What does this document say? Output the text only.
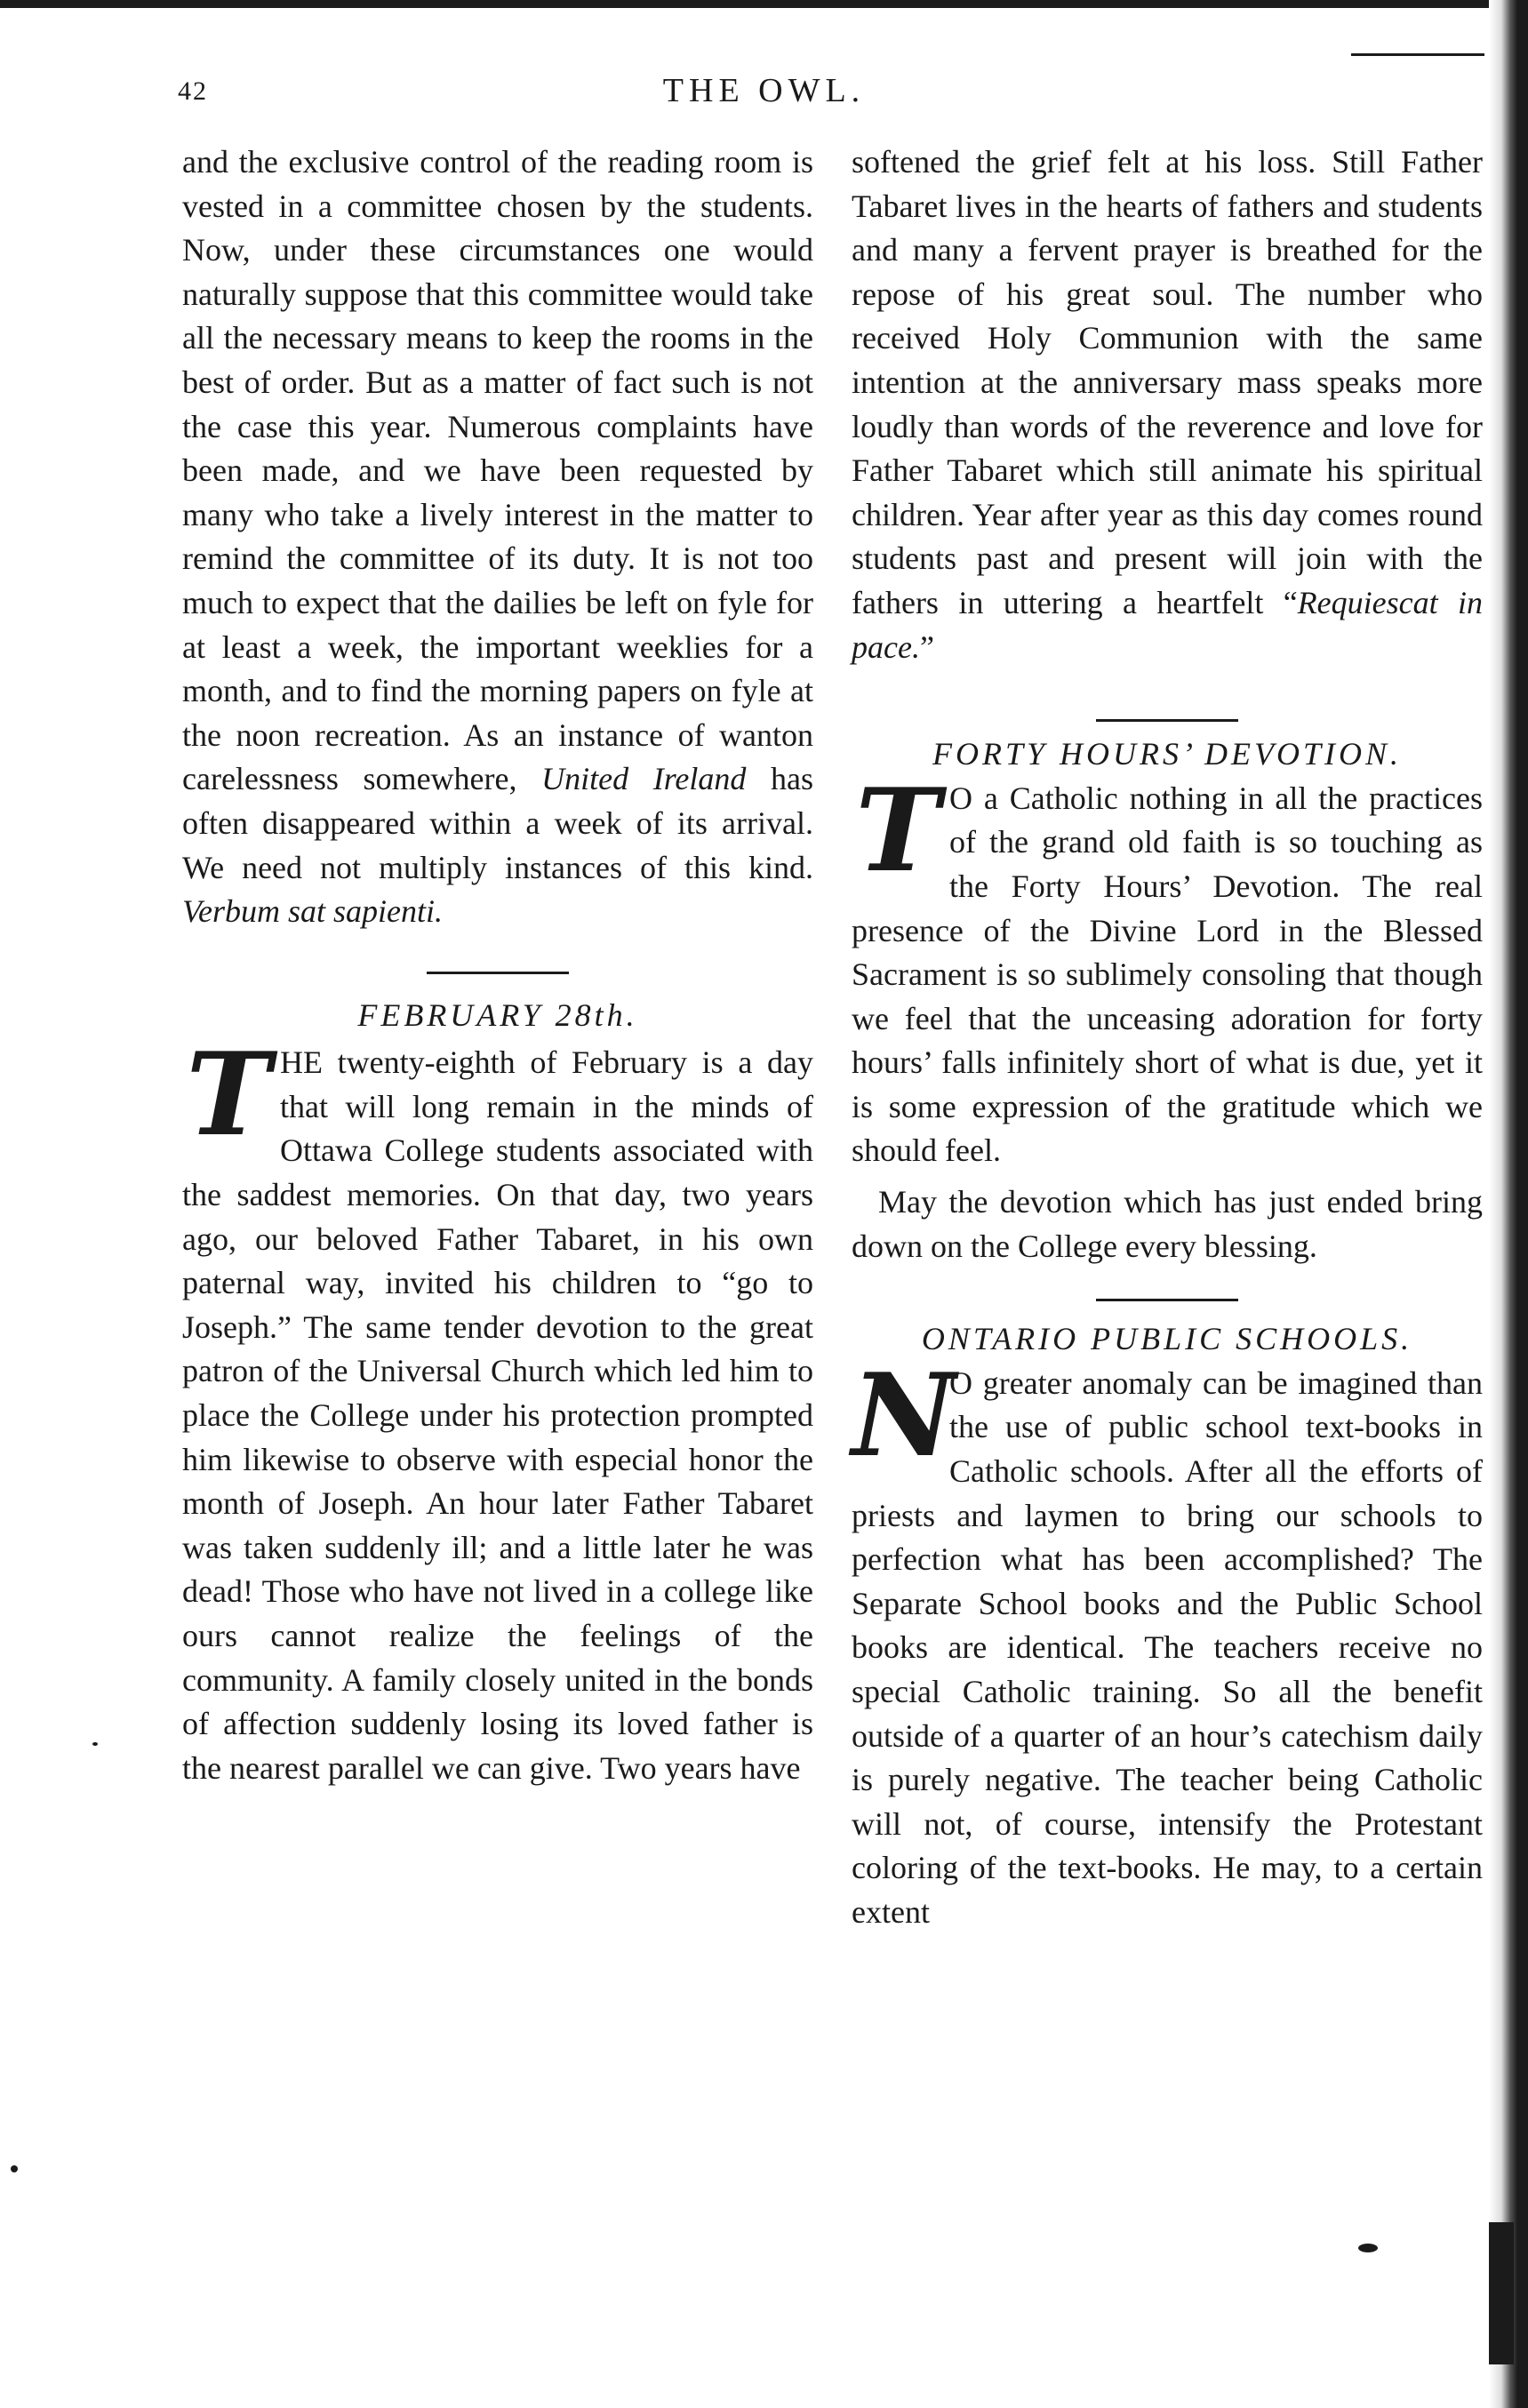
42	THE OWL.

and the exclusive control of the reading room is vested in a committee chosen by the students. Now, under these circumstances one would naturally suppose that this committee would take all the necessary means to keep the rooms in the best of order. But as a matter of fact such is not the case this year. Numerous complaints have been made, and we have been requested by many who take a lively interest in the matter to remind the committee of its duty. It is not too much to expect that the dailies be left on fyle for at least a week, the important weeklies for a month, and to find the morning papers on fyle at the noon recreation. As an instance of wanton carelessness somewhere, United Ireland has often disappeared within a week of its arrival. We need not multiply instances of this kind. Verbum sat sapienti.

FEBRUARY 28th.

T HE twenty-eighth of February is a day that will long remain in the minds of Ottawa College students associated with the saddest memories. On that day, two years ago, our beloved Father Tabaret, in his own paternal way, invited his children to “go to Joseph.” The same tender devotion to the great patron of the Universal Church which led him to place the College under his protection prompted him likewise to observe with especial honor the month of Joseph. An hour later Father Tabaret was taken suddenly ill; and a little later he was dead! Those who have not lived in a college like ours cannot realize the feelings of the community. A family closely united in the bonds of affection suddenly losing its loved father is the nearest parallel we can give. Two years have

softened the grief felt at his loss. Still Father Tabaret lives in the hearts of fathers and students and many a fervent prayer is breathed for the repose of his great soul. The number who received Holy Communion with the same intention at the anniversary mass speaks more loudly than words of the reverence and love for Father Tabaret which still animate his spiritual children. Year after year as this day comes round students past and present will join with the fathers in uttering a heartfelt “Requiescat in pace.”

FORTY HOURS’ DEVOTION.

T O a Catholic nothing in all the practices of the grand old faith is so touching as the Forty Hours’ Devotion. The real presence of the Divine Lord in the Blessed Sacrament is so sublimely consoling that though we feel that the unceasing adoration for forty hours’ falls infinitely short of what is due, yet it is some expression of the gratitude which we should feel.

May the devotion which has just ended bring down on the College every blessing.

ONTARIO PUBLIC SCHOOLS.

N
O greater anomaly can be imagined than the use of public school text-books in Catholic schools. After all the efforts of priests and laymen to bring our schools to perfection what has been accomplished? The Separate School books and the Public School books are identical. The teachers receive no special Catholic training. So all the benefit outside of a quarter of an hour’s catechism daily is purely negative. The teacher being Catholic will not, of course, intensify the Protestant coloring of the text-books. He may, to a certain extent
